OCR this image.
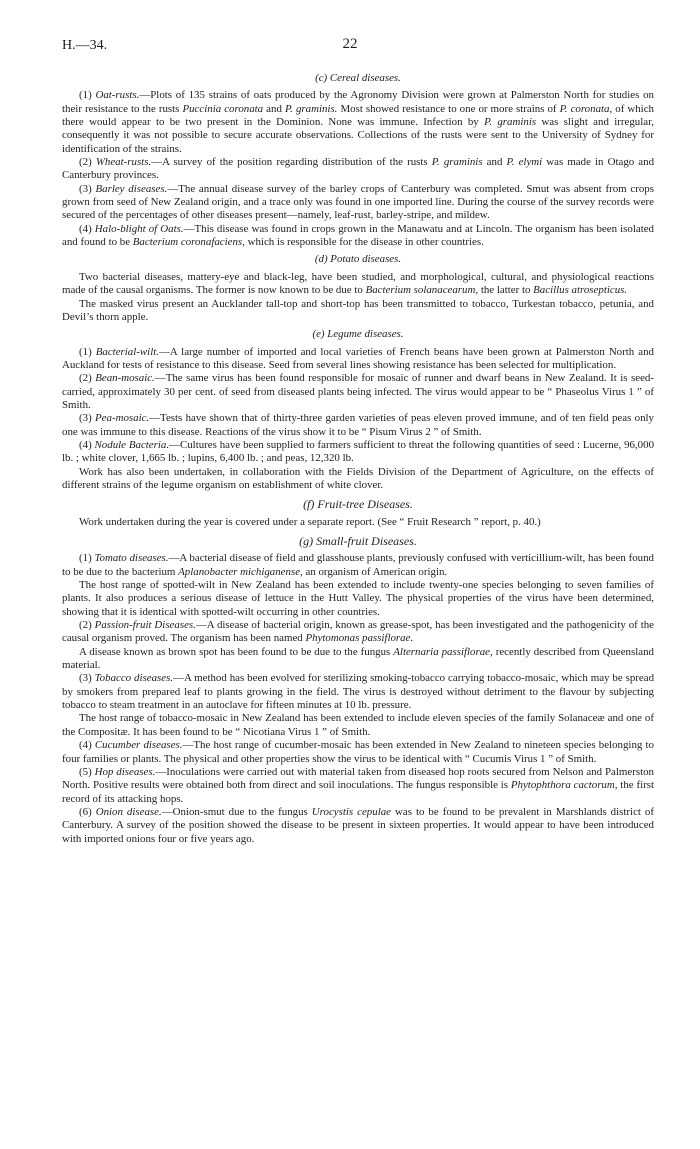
H.—34.	22
(c) Cereal diseases.

(1) Oat-rusts.—Plots of 135 strains of oats produced by the Agronomy Division were grown at Palmerston North for studies on their resistance to the rusts Puccinia coronata and P. graminis. Most showed resistance to one or more strains of P. coronata, of which there would appear to be two present in the Dominion. None was immune. Infection by P. graminis was slight and irregular, consequently it was not possible to secure accurate observations. Collections of the rusts were sent to the University of Sydney for identification of the strains.

(2) Wheat-rusts.—A survey of the position regarding distribution of the rusts P. graminis and P. elymi was made in Otago and Canterbury provinces.

(3) Barley diseases.—The annual disease survey of the barley crops of Canterbury was completed. Smut was absent from crops grown from seed of New Zealand origin, and a trace only was found in one imported line. During the course of the survey records were secured of the percentages of other diseases present—namely, leaf-rust, barley-stripe, and mildew.

(4) Halo-blight of Oats.—This disease was found in crops grown in the Manawatu and at Lincoln. The organism has been isolated and found to be Bacterium coronafaciens, which is responsible for the disease in other countries.

(d) Potato diseases.

Two bacterial diseases, mattery-eye and black-leg, have been studied, and morphological, cultural, and physiological reactions made of the causal organisms. The former is now known to be due to Bacterium solanacearum, the latter to Bacillus atrosepticus.

The masked virus present an Aucklander tall-top and short-top has been transmitted to tobacco, Turkestan tobacco, petunia, and Devil’s thorn apple.

(e) Legume diseases.

(1) Bacterial-wilt.—A large number of imported and local varieties of French beans have been grown at Palmerston North and Auckland for tests of resistance to this disease. Seed from several lines showing resistance has been selected for multiplication.

(2) Bean-mosaic.—The same virus has been found responsible for mosaic of runner and dwarf beans in New Zealand. It is seed-carried, approximately 30 per cent. of seed from diseased plants being infected. The virus would appear to be “ Phaseolus Virus 1 ” of Smith.

(3) Pea-mosaic.—Tests have shown that of thirty-three garden varieties of peas eleven proved immune, and of ten field peas only one was immune to this disease. Reactions of the virus show it to be “ Pisum Virus 2 ” of Smith.

(4) Nodule Bacteria.—Cultures have been supplied to farmers sufficient to threat the following quantities of seed : Lucerne, 96,000 lb. ; white clover, 1,665 lb. ; lupins, 6,400 lb. ; and peas, 12,320 lb.

Work has also been undertaken, in collaboration with the Fields Division of the Department of Agriculture, on the effects of different strains of the legume organism on establishment of white clover.

(f) Fruit-tree Diseases.

Work undertaken during the year is covered under a separate report. (See “ Fruit Research ” report, p. 40.)

(g) Small-fruit Diseases.

(1) Tomato diseases.—A bacterial disease of field and glasshouse plants, previously confused with verticillium-wilt, has been found to be due to the bacterium Aplanobacter michiganense, an organism of American origin.

The host range of spotted-wilt in New Zealand has been extended to include twenty-one species belonging to seven families of plants. It also produces a serious disease of lettuce in the Hutt Valley. The physical properties of the virus have been determined, showing that it is identical with spotted-wilt occurring in other countries.

(2) Passion-fruit Diseases.—A disease of bacterial origin, known as grease-spot, has been investigated and the pathogenicity of the causal organism proved. The organism has been named Phytomonas passiflorae.

A disease known as brown spot has been found to be due to the fungus Alternaria passiflorae, recently described from Queensland material.

(3) Tobacco diseases.—A method has been evolved for sterilizing smoking-tobacco carrying tobacco-mosaic, which may be spread by smokers from prepared leaf to plants growing in the field. The virus is destroyed without detriment to the flavour by subjecting tobacco to steam treatment in an autoclave for fifteen minutes at 10 lb. pressure.

The host range of tobacco-mosaic in New Zealand has been extended to include eleven species of the family Solanaceæ and one of the Compositæ. It has been found to be “ Nicotiana Virus 1 ” of Smith.

(4) Cucumber diseases.—The host range of cucumber-mosaic has been extended in New Zealand to nineteen species belonging to four families or plants. The physical and other properties show the virus to be identical with “ Cucumis Virus 1 ” of Smith.

(5) Hop diseases.—Inoculations were carried out with material taken from diseased hop roots secured from Nelson and Palmerston North. Positive results were obtained both from direct and soil inoculations. The fungus responsible is Phytophthora cactorum, the first record of its attacking hops.

(6) Onion disease.—Onion-smut due to the fungus Urocystis cepulae was to be found to be prevalent in Marshlands district of Canterbury. A survey of the position showed the disease to be present in sixteen properties. It would appear to have been introduced with imported onions four or five years ago.
